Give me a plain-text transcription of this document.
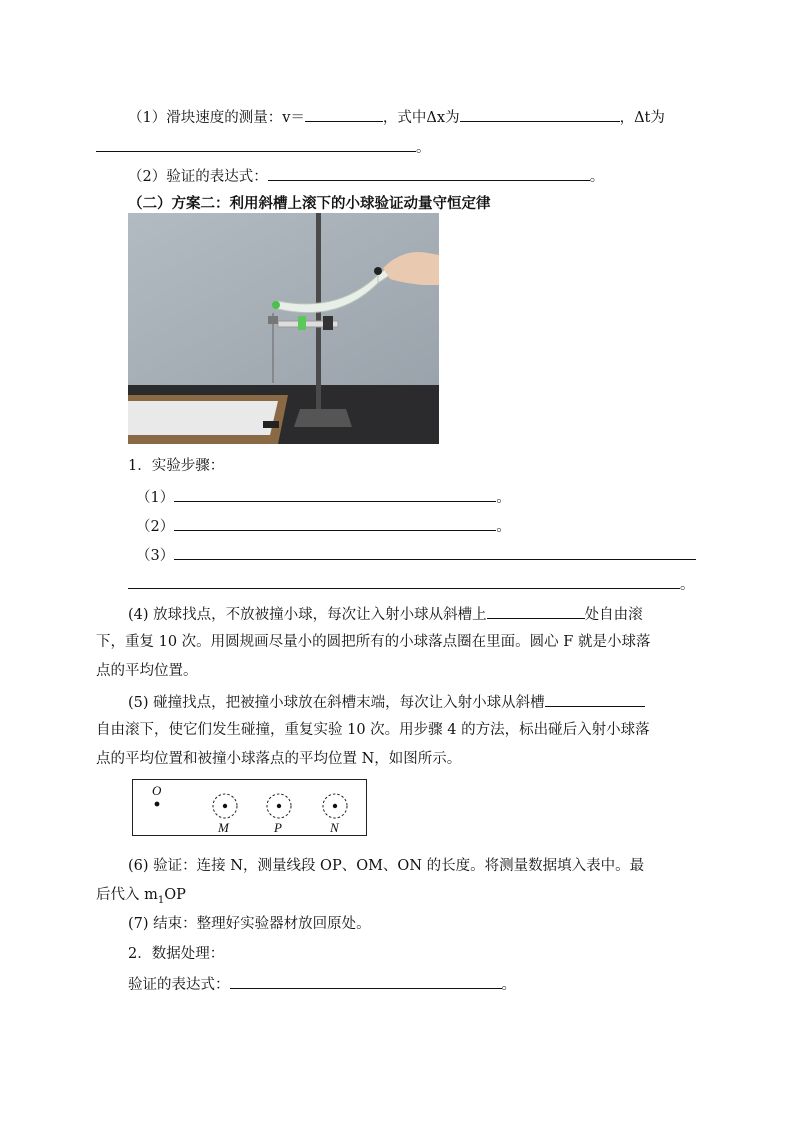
（1）滑块速度的测量：v＝	，式中Δx为	，Δt为
。
（2）验证的表达式：	。
（二）方案二：利用斜槽上滚下的小球验证动量守恒定律
1．实验步骤：
（1）	。
（2）	。
（3）
。
(4) 放球找点，不放被撞小球，每次让入射小球从斜槽上	处自由滚
下，重复 10 次。用圆规画尽量小的圆把所有的小球落点圈在里面。圆心 F 就是小球落
点的平均位置。
(5) 碰撞找点，把被撞小球放在斜槽末端，每次让入射小球从斜槽
自由滚下，使它们发生碰撞，重复实验 10 次。用步骤 4 的方法，标出碰后入射小球落
点的平均位置和被撞小球落点的平均位置 N，如图所示。
O
M	P	N
(6) 验证：连接 N，测量线段 OP、OM、ON 的长度。将测量数据填入表中。最
后代入 $m_1OP$
(7) 结束：整理好实验器材放回原处。
2．数据处理：
验证的表达式：	。
